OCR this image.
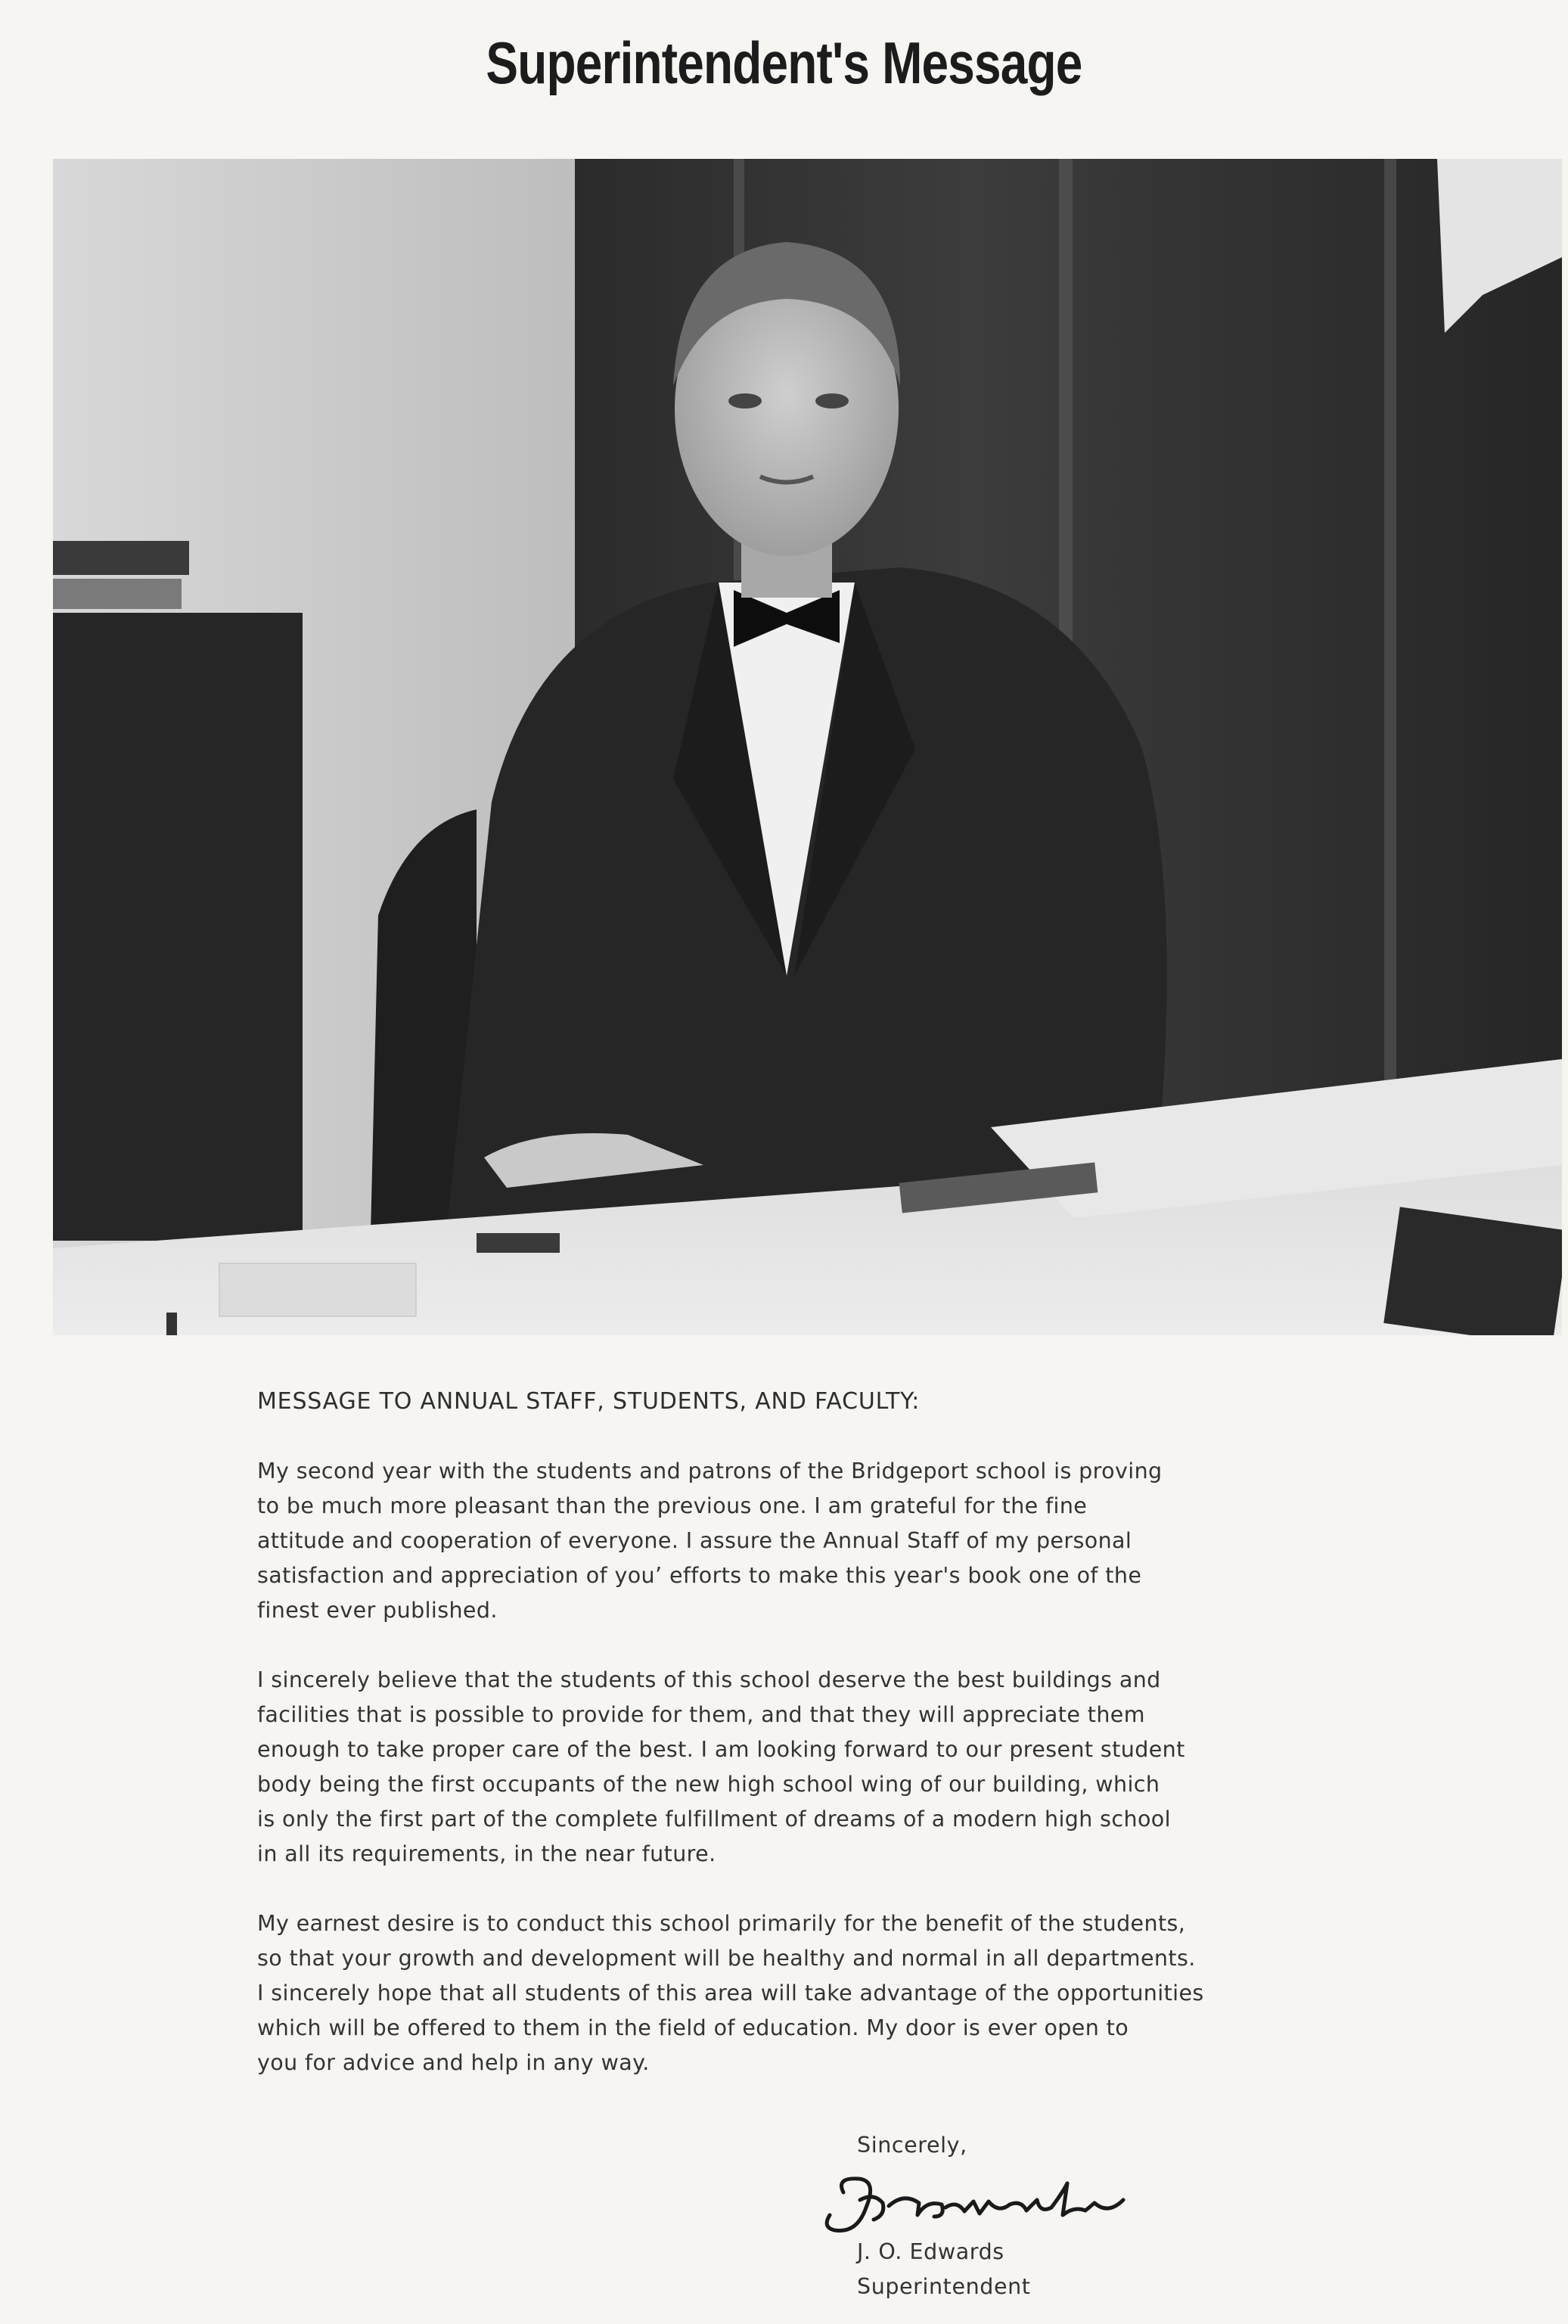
Superintendent's Message
MESSAGE TO ANNUAL STAFF, STUDENTS, AND FACULTY:

My second year with the students and patrons of the Bridgeport school is proving
to be much more pleasant than the previous one. I am grateful for the fine
attitude and cooperation of everyone. I assure the Annual Staff of my personal
satisfaction and appreciation of you’ efforts to make this year's book one of the
finest ever published.

I sincerely believe that the students of this school deserve the best buildings and
facilities that is possible to provide for them, and that they will appreciate them
enough to take proper care of the best. I am looking forward to our present student
body being the first occupants of the new high school wing of our building, which
is only the first part of the complete fulfillment of dreams of a modern high school
in all its requirements, in the near future.

My earnest desire is to conduct this school primarily for the benefit of the students,
so that your growth and development will be healthy and normal in all departments.
I sincerely hope that all students of this area will take advantage of the opportunities
which will be offered to them in the field of education. My door is ever open to
you for advice and help in any way.

Sincerely,
J. O. Edwards
Superintendent
